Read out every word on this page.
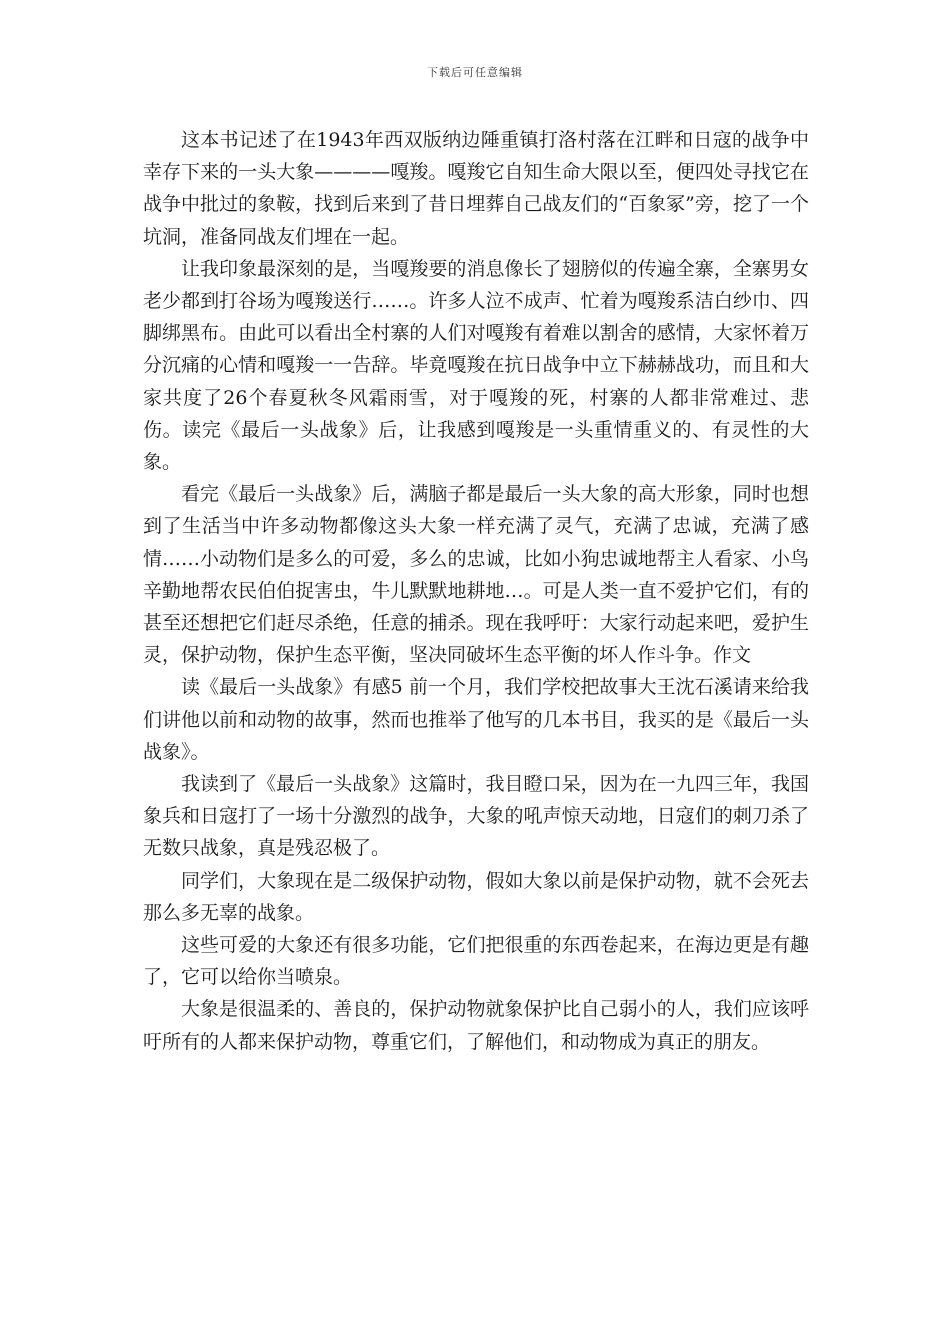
下载后可任意编辑

这本书记述了在1943年西双版纳边陲重镇打洛村落在江畔和日寇的战争中幸存下来的一头大象————嘎羧。嘎羧它自知生命大限以至，便四处寻找它在战争中批过的象鞍，找到后来到了昔日埋葬自己战友们的“百象冢”旁，挖了一个坑洞，准备同战友们埋在一起。

让我印象最深刻的是，当嘎羧要的消息像长了翅膀似的传遍全寨，全寨男女老少都到打谷场为嘎羧送行……。许多人泣不成声、忙着为嘎羧系洁白纱巾、四脚绑黑布。由此可以看出全村寨的人们对嘎羧有着难以割舍的感情，大家怀着万分沉痛的心情和嘎羧一一告辞。毕竟嘎羧在抗日战争中立下赫赫战功，而且和大家共度了26个春夏秋冬风霜雨雪，对于嘎羧的死，村寨的人都非常难过、悲伤。读完《最后一头战象》后，让我感到嘎羧是一头重情重义的、有灵性的大象。

看完《最后一头战象》后，满脑子都是最后一头大象的高大形象，同时也想到了生活当中许多动物都像这头大象一样充满了灵气，充满了忠诚，充满了感情……小动物们是多么的可爱，多么的忠诚，比如小狗忠诚地帮主人看家、小鸟辛勤地帮农民伯伯捉害虫，牛儿默默地耕地…。可是人类一直不爱护它们，有的甚至还想把它们赶尽杀绝，任意的捕杀。现在我呼吁：大家行动起来吧，爱护生灵，保护动物，保护生态平衡，坚决同破坏生态平衡的坏人作斗争。作文

读《最后一头战象》有感5 前一个月，我们学校把故事大王沈石溪请来给我们讲他以前和动物的故事，然而也推举了他写的几本书目，我买的是《最后一头战象》。

我读到了《最后一头战象》这篇时，我目瞪口呆，因为在一九四三年，我国象兵和日寇打了一场十分激烈的战争，大象的吼声惊天动地，日寇们的刺刀杀了无数只战象，真是残忍极了。

同学们，大象现在是二级保护动物，假如大象以前是保护动物，就不会死去那么多无辜的战象。

这些可爱的大象还有很多功能，它们把很重的东西卷起来，在海边更是有趣了，它可以给你当喷泉。

大象是很温柔的、善良的，保护动物就象保护比自己弱小的人，我们应该呼吁所有的人都来保护动物，尊重它们，了解他们，和动物成为真正的朋友。
